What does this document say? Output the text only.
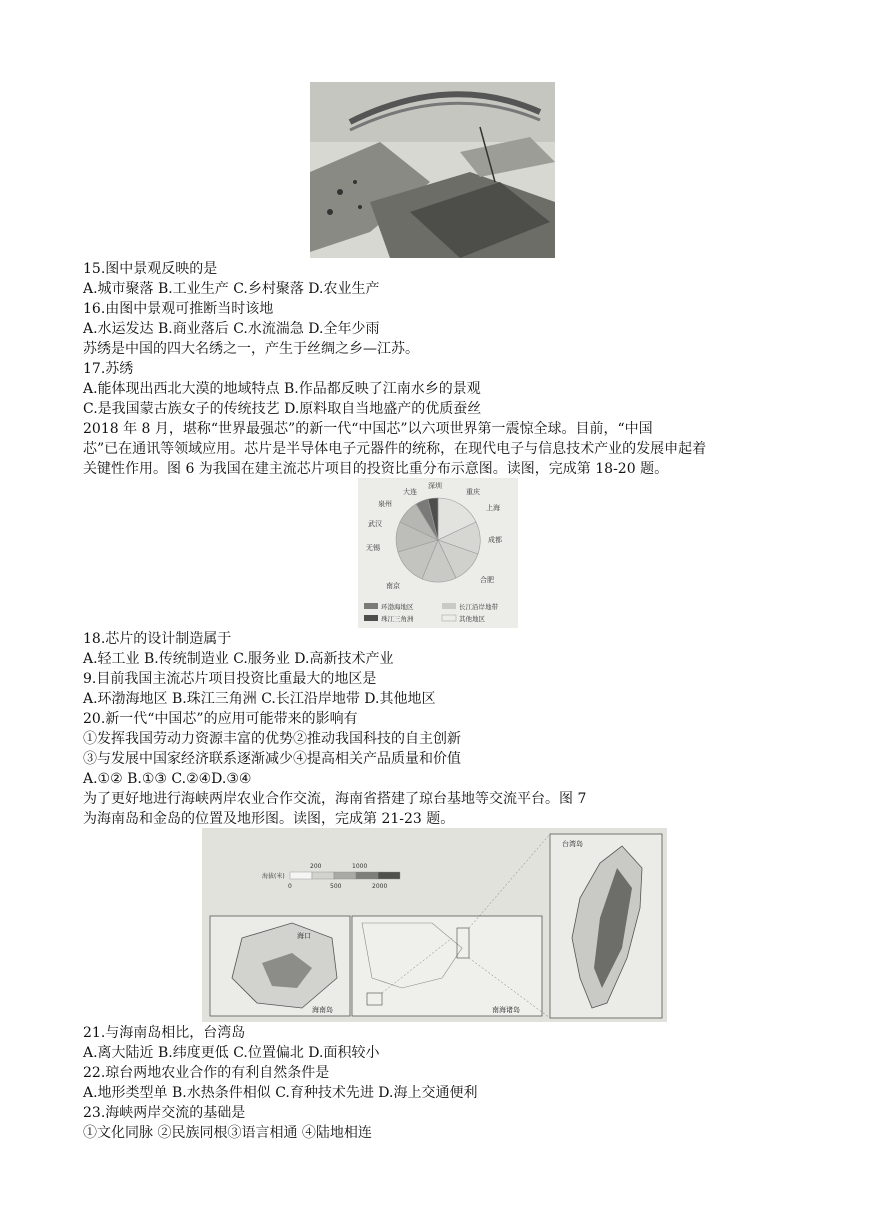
15.图中景观反映的是
A.城市聚落 B.工业生产 C.乡村聚落 D.农业生产
16.由图中景观可推断当时该地
A.水运发达 B.商业落后 C.水流湍急 D.全年少雨
苏绣是中国的四大名绣之一，产生于丝绸之乡—江苏。
17.苏绣
A.能体现出西北大漠的地域特点 B.作品都反映了江南水乡的景观
C.是我国蒙古族女子的传统技艺 D.原料取自当地盛产的优质蚕丝
2018 年 8 月，堪称“世界最强芯”的新一代“中国芯”以六项世界第一震惊全球。目前，“中国
芯”已在通讯等领域应用。芯片是半导体电子元器件的统称，在现代电子与信息技术产业的发展申起着
关键性作用。图 6 为我国在建主流芯片项目的投资比重分布示意图。读图，完成第 18-20 题。
深圳
大连
泉州
武汉
无锡
南京
合肥
成都
上海
重庆
环渤海地区	长江沿岸地带
珠江三角洲	其他地区
18.芯片的设计制造属于
A.轻工业 B.传统制造业 C.服务业 D.高新技术产业
9.目前我国主流芯片项目投资比重最大的地区是
A.环渤海地区 B.珠江三角洲 C.长江沿岸地带 D.其他地区
20.新一代“中国芯”的应用可能带来的影响有
①发挥我国劳动力资源丰富的优势②推动我国科技的自主创新
③与发展中国家经济联系逐渐减少④提高相关产品质量和价值
A.①② B.①③ C.②④D.③④
为了更好地进行海峡两岸农业合作交流，海南省搭建了琼台基地等交流平台。图 7
为海南岛和金岛的位置及地形图。读图，完成第 21-23 题。
海拔(米)
200	1000
0	500	2000
海口
海南岛	南海诸岛
台湾岛
21.与海南岛相比，台湾岛
A.离大陆近 B.纬度更低 C.位置偏北 D.面积较小
22.琼台两地农业合作的有利自然条件是
A.地形类型单 B.水热条件相似 C.育种技术先进 D.海上交通便利
23.海峡两岸交流的基础是
①文化同脉 ②民族同根③语言相通 ④陆地相连
